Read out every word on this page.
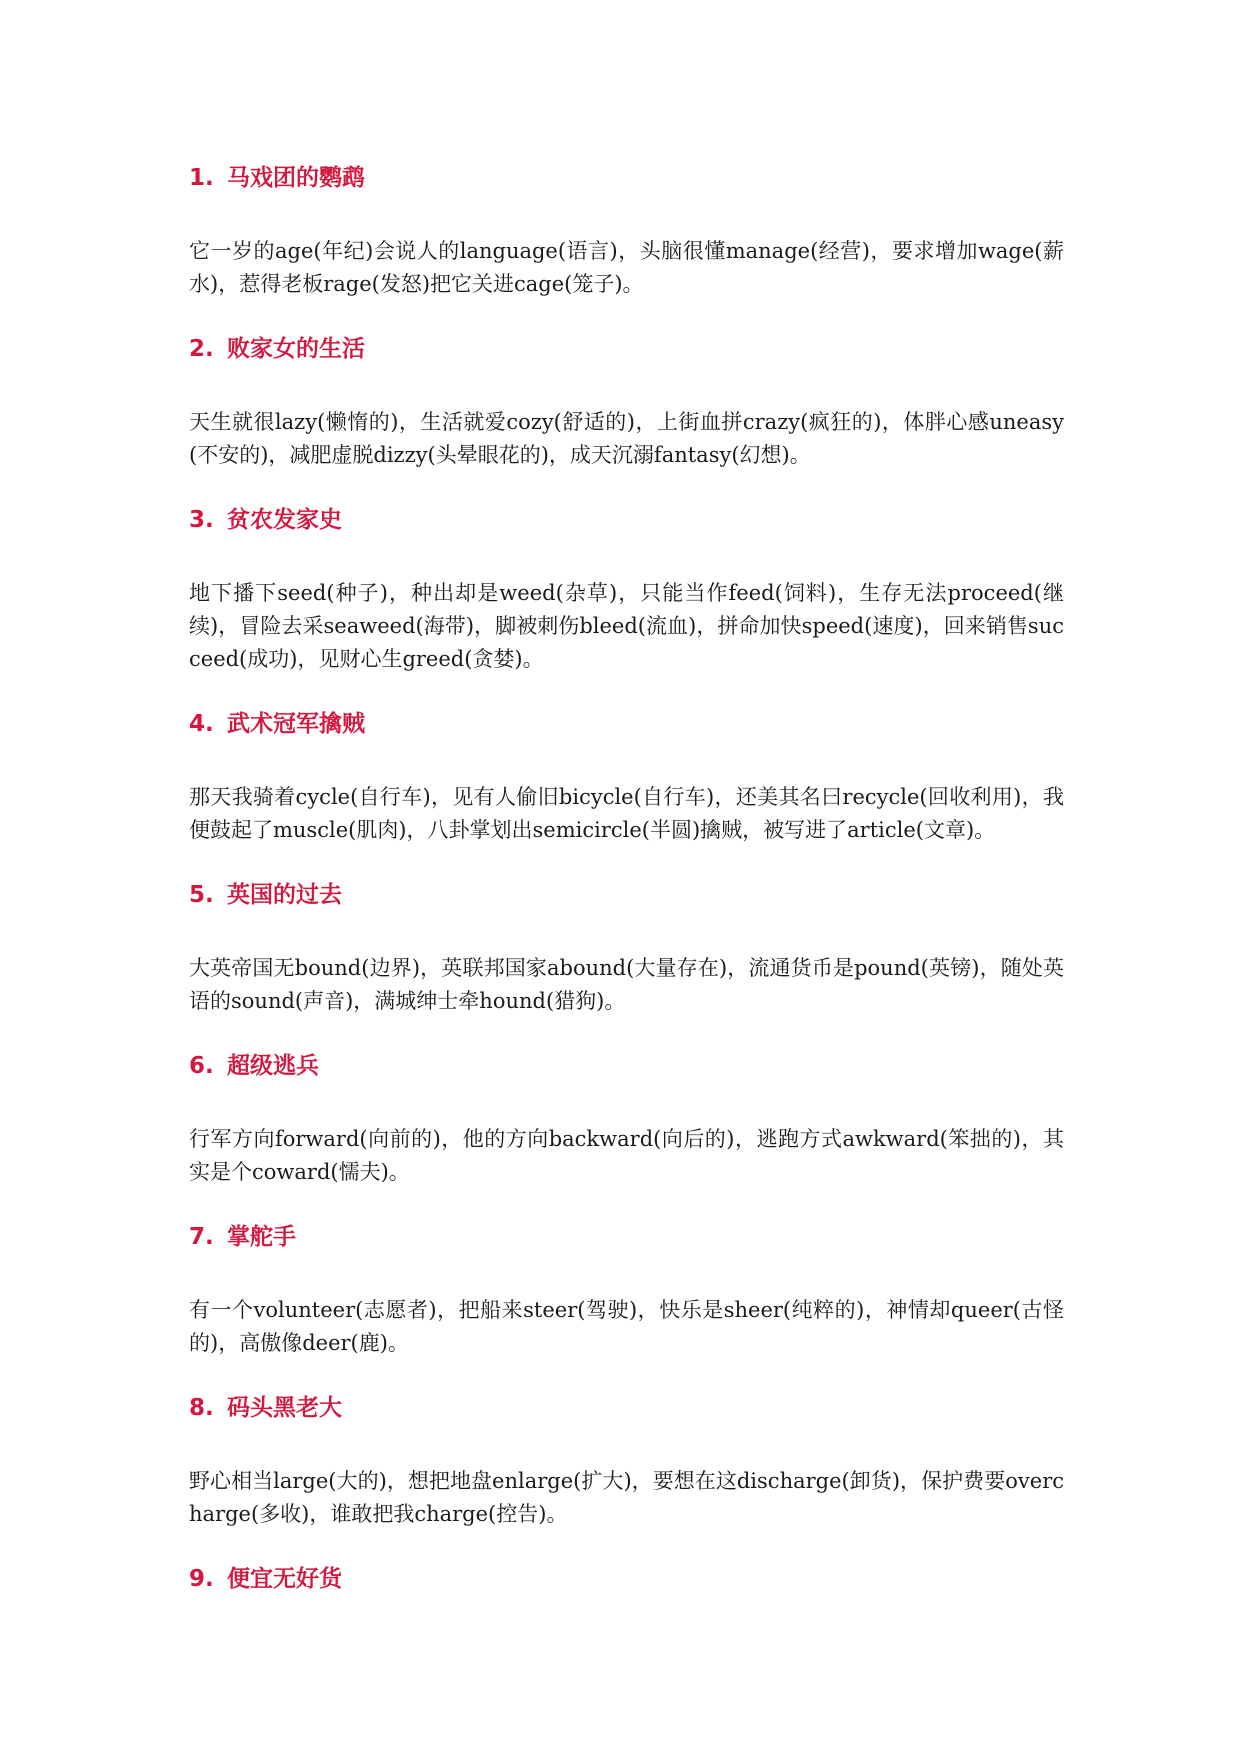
1. 马戏团的鹦鹉

它一岁的age(年纪)会说人的language(语言)，头脑很懂manage(经营)，要求增加wage(薪水)，惹得老板rage(发怒)把它关进cage(笼子)。

2. 败家女的生活

天生就很lazy(懒惰的)，生活就爱cozy(舒适的)，上街血拼crazy(疯狂的)，体胖心感uneasy(不安的)，减肥虚脱dizzy(头晕眼花的)，成天沉溺fantasy(幻想)。

3. 贫农发家史

地下播下seed(种子)，种出却是weed(杂草)，只能当作feed(饲料)，生存无法proceed(继续)，冒险去采seaweed(海带)，脚被刺伤bleed(流血)，拼命加快speed(速度)，回来销售succeed(成功)，见财心生greed(贪婪)。

4. 武术冠军擒贼

那天我骑着cycle(自行车)，见有人偷旧bicycle(自行车)，还美其名曰recycle(回收利用)，我便鼓起了muscle(肌肉)，八卦掌划出semicircle(半圆)擒贼，被写进了article(文章)。

5. 英国的过去

大英帝国无bound(边界)，英联邦国家abound(大量存在)，流通货币是pound(英镑)，随处英语的sound(声音)，满城绅士牵hound(猎狗)。

6. 超级逃兵

行军方向forward(向前的)，他的方向backward(向后的)，逃跑方式awkward(笨拙的)，其实是个coward(懦夫)。

7. 掌舵手

有一个volunteer(志愿者)，把船来steer(驾驶)，快乐是sheer(纯粹的)，神情却queer(古怪的)，高傲像deer(鹿)。

8. 码头黑老大

野心相当large(大的)，想把地盘enlarge(扩大)，要想在这discharge(卸货)，保护费要overcharge(多收)，谁敢把我charge(控告)。

9. 便宜无好货
